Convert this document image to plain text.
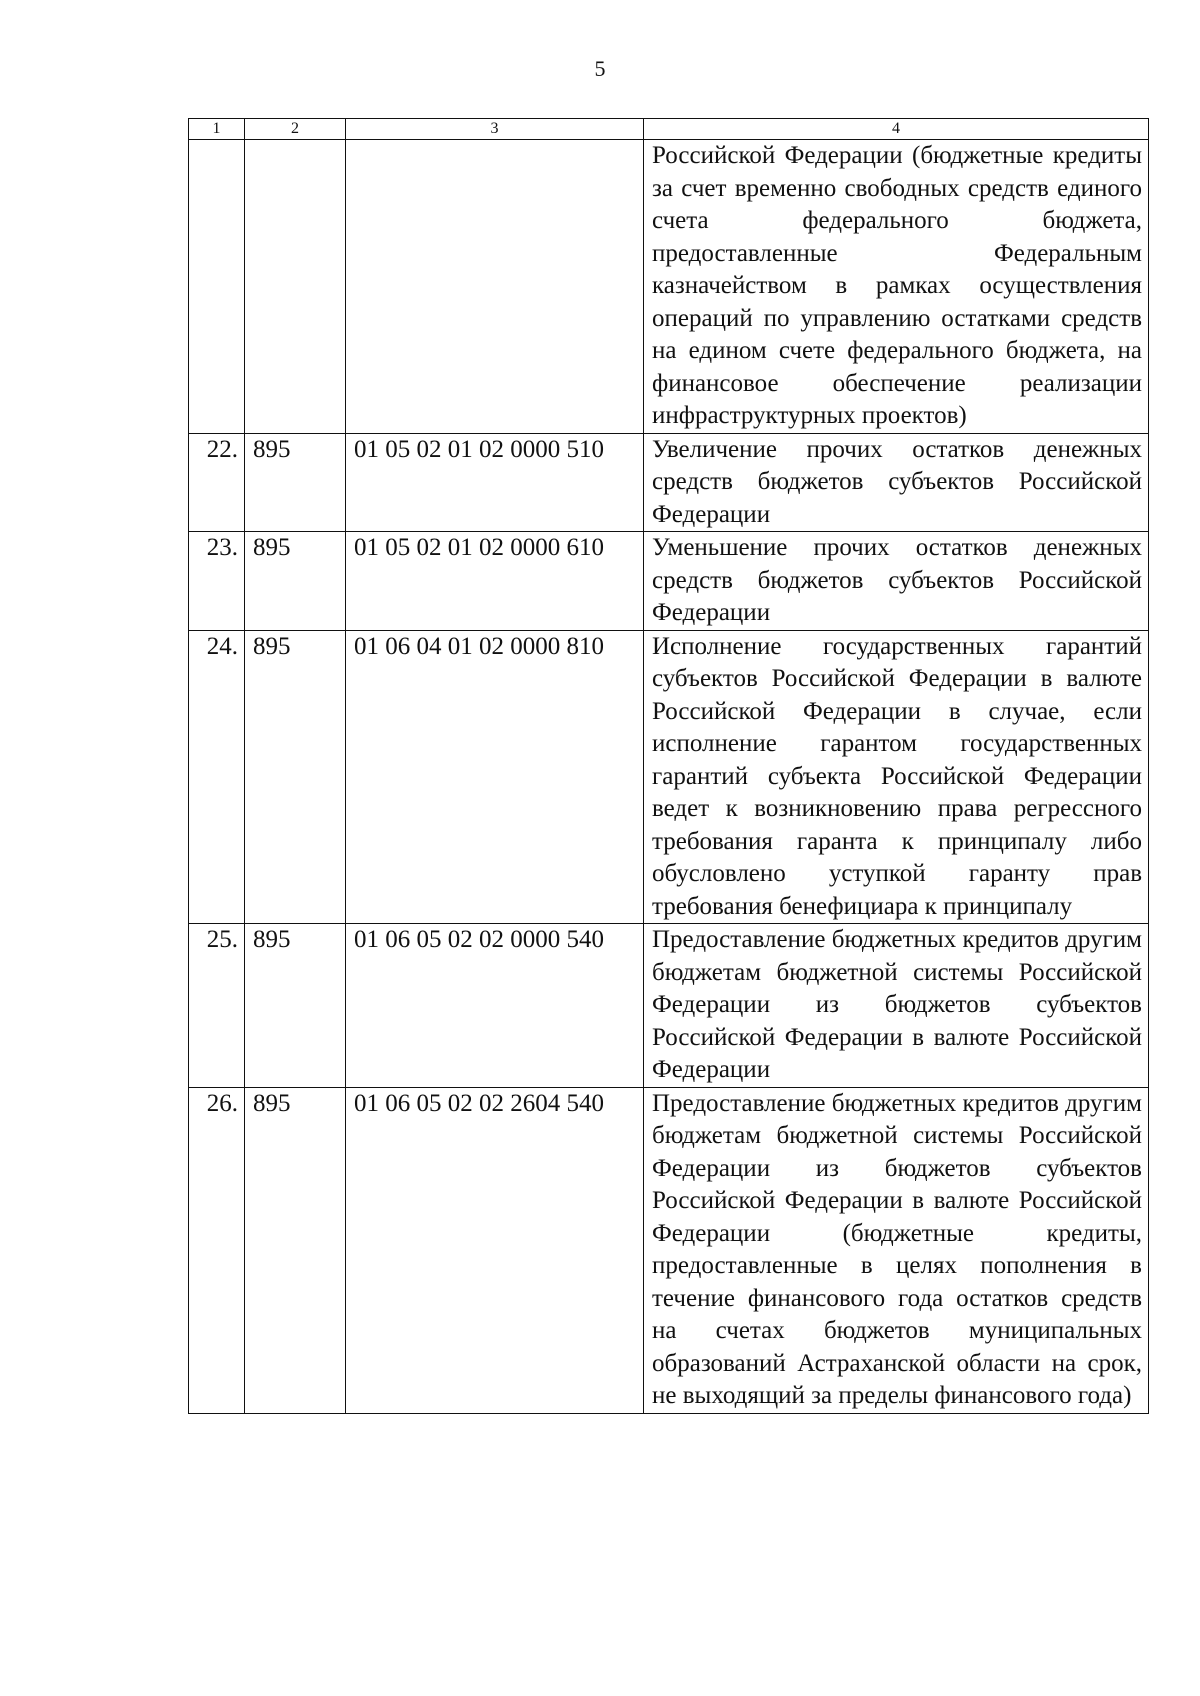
5
1	2	3	4
			Российской Федерации (бюджетные кредиты за счет временно свободных средств единого счета федерального бюджета, предоставленные Федеральным казначейством в рамках осуществления операций по управлению остатками средств на едином счете федерального бюджета, на финансовое обеспечение реализации инфраструктурных проектов)
22.	895	01 05 02 01 02 0000 510	Увеличение прочих остатков денежных средств бюджетов субъектов Российской Федерации
23.	895	01 05 02 01 02 0000 610	Уменьшение прочих остатков денежных средств бюджетов субъектов Российской Федерации
24.	895	01 06 04 01 02 0000 810	Исполнение государственных гарантий субъектов Российской Федерации в валюте Российской Федерации в случае, если исполнение гарантом государственных гарантий субъекта Российской Федерации ведет к возникновению права регрессного требования гаранта к принципалу либо обусловлено уступкой гаранту прав требования бенефициара к принципалу
25.	895	01 06 05 02 02 0000 540	Предоставление бюджетных кредитов другим бюджетам бюджетной системы Российской Федерации из бюджетов субъектов Российской Федерации в валюте Российской Федерации
26.	895	01 06 05 02 02 2604 540	Предоставление бюджетных кредитов другим бюджетам бюджетной системы Российской Федерации из бюджетов субъектов Российской Федерации в валюте Российской Федерации (бюджетные кредиты, предоставленные в целях пополнения в течение финансового года остатков средств на счетах бюджетов муниципальных образований Астраханской области на срок, не выходящий за пределы финансового года)
